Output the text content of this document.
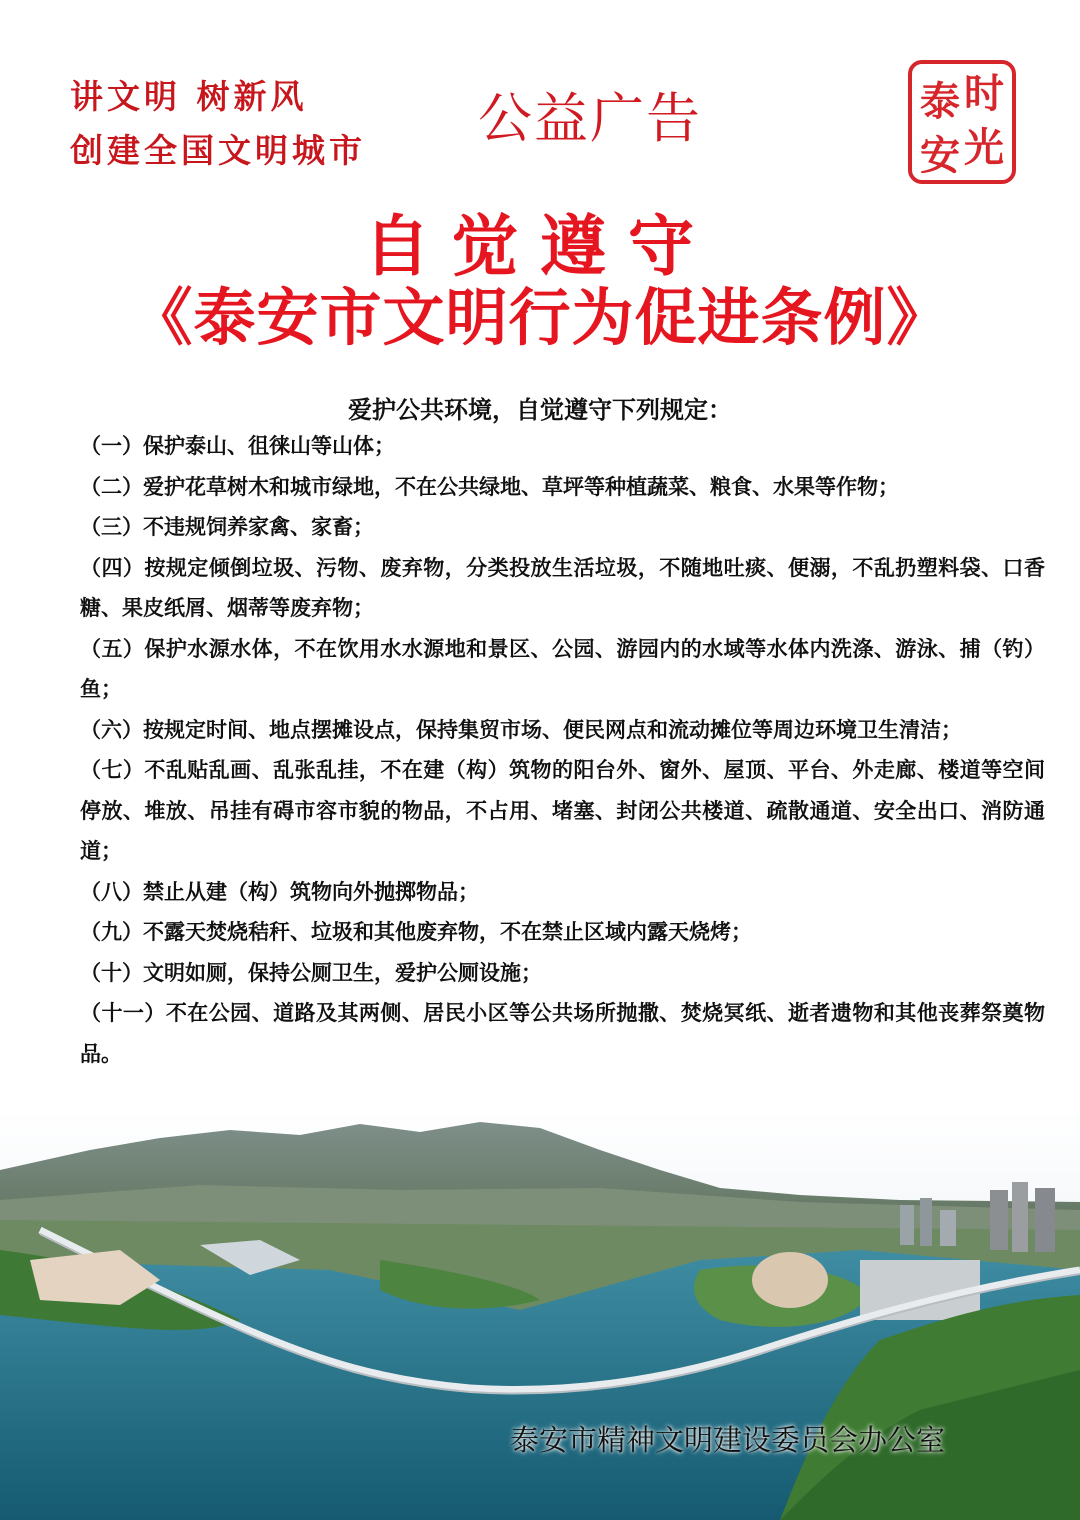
讲文明 树新风
创建全国文明城市
公益广告	时
光
泰
安
自觉遵守
《泰安市文明行为促进条例》
爱护公共环境，自觉遵守下列规定：
（一）保护泰山、徂徕山等山体；
（二）爱护花草树木和城市绿地，不在公共绿地、草坪等种植蔬菜、粮食、水果等作物；
（三）不违规饲养家禽、家畜；
（四）按规定倾倒垃圾、污物、废弃物，分类投放生活垃圾，不随地吐痰、便溺，不乱扔塑料袋、口香糖、果皮纸屑、烟蒂等废弃物；
（五）保护水源水体，不在饮用水水源地和景区、公园、游园内的水域等水体内洗涤、游泳、捕（钓）鱼；
（六）按规定时间、地点摆摊设点，保持集贸市场、便民网点和流动摊位等周边环境卫生清洁；
（七）不乱贴乱画、乱张乱挂，不在建（构）筑物的阳台外、窗外、屋顶、平台、外走廊、楼道等空间停放、堆放、吊挂有碍市容市貌的物品，不占用、堵塞、封闭公共楼道、疏散通道、安全出口、消防通道；
（八）禁止从建（构）筑物向外抛掷物品；
（九）不露天焚烧秸秆、垃圾和其他废弃物，不在禁止区域内露天烧烤；
（十）文明如厕，保持公厕卫生，爱护公厕设施；
（十一）不在公园、道路及其两侧、居民小区等公共场所抛撒、焚烧冥纸、逝者遗物和其他丧葬祭奠物品。
泰安市精神文明建设委员会办公室
